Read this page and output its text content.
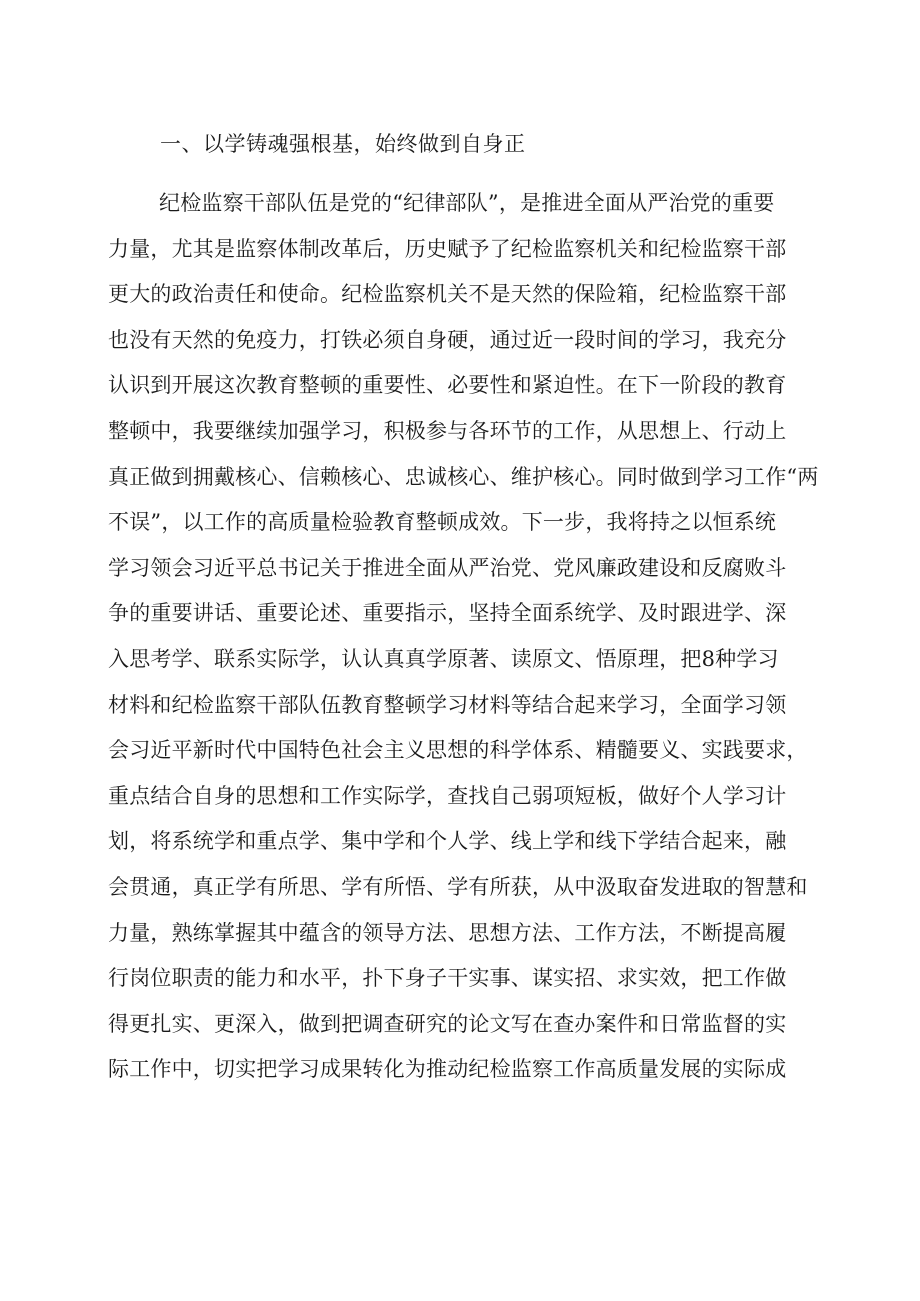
一、以学铸魂强根基，始终做到自身正
纪检监察干部队伍是党的“纪律部队”，是推进全面从严治党的重要
力量，尤其是监察体制改革后，历史赋予了纪检监察机关和纪检监察干部
更大的政治责任和使命。纪检监察机关不是天然的保险箱，纪检监察干部
也没有天然的免疫力，打铁必须自身硬，通过近一段时间的学习，我充分
认识到开展这次教育整顿的重要性、必要性和紧迫性。在下一阶段的教育
整顿中，我要继续加强学习，积极参与各环节的工作，从思想上、行动上
真正做到拥戴核心、信赖核心、忠诚核心、维护核心。同时做到学习工作“两
不误”，以工作的高质量检验教育整顿成效。下一步，我将持之以恒系统
学习领会习近平总书记关于推进全面从严治党、党风廉政建设和反腐败斗
争的重要讲话、重要论述、重要指示，坚持全面系统学、及时跟进学、深
入思考学、联系实际学，认认真真学原著、读原文、悟原理，把8种学习
材料和纪检监察干部队伍教育整顿学习材料等结合起来学习，全面学习领
会习近平新时代中国特色社会主义思想的科学体系、精髓要义、实践要求，
重点结合自身的思想和工作实际学，查找自己弱项短板，做好个人学习计
划，将系统学和重点学、集中学和个人学、线上学和线下学结合起来，融
会贯通，真正学有所思、学有所悟、学有所获，从中汲取奋发进取的智慧和
力量，熟练掌握其中蕴含的领导方法、思想方法、工作方法，不断提高履
行岗位职责的能力和水平，扑下身子干实事、谋实招、求实效，把工作做
得更扎实、更深入，做到把调查研究的论文写在查办案件和日常监督的实
际工作中，切实把学习成果转化为推动纪检监察工作高质量发展的实际成
